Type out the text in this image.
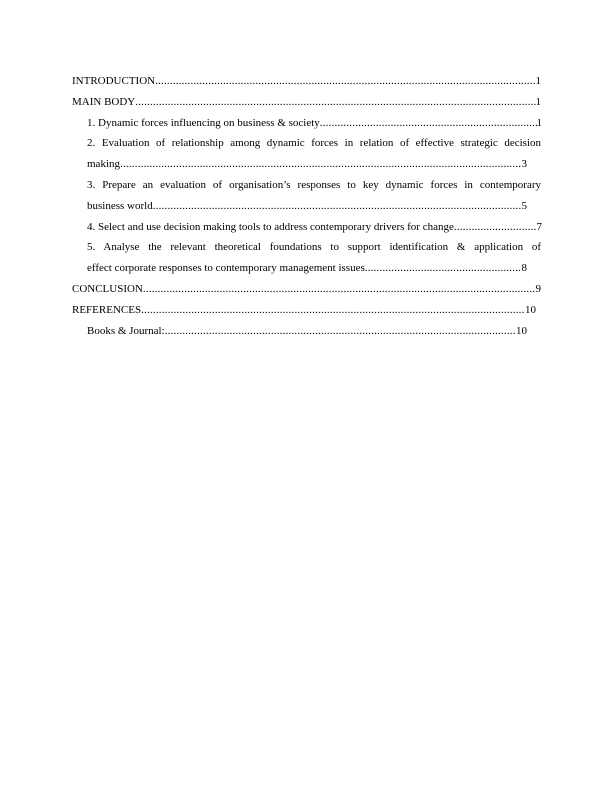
INTRODUCTION .....	1
MAIN BODY .....	1
1. Dynamic forces influencing on business & society .....	1
2. Evaluation of relationship among dynamic forces in relation of effective strategic decision
making .....	3
3. Prepare an evaluation of organisation’s responses to key dynamic forces in contemporary
business world .....	5
4. Select and use decision making tools to address contemporary drivers for change .....	7
5. Analyse the relevant theoretical foundations to support identification & application of
effect corporate responses to contemporary management issues .....	8
CONCLUSION .....	9
REFERENCES .....	10
Books & Journal: .....	10
